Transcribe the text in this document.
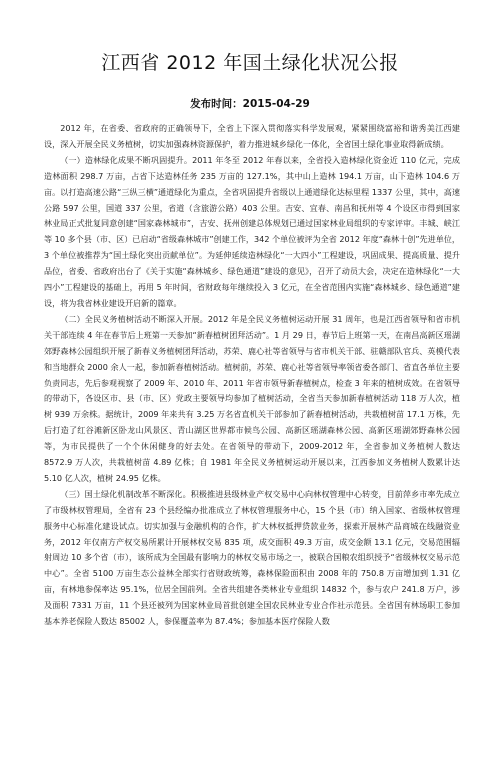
江西省 2012 年国土绿化状况公报
发布时间：2015-04-29

2012 年，在省委、省政府的正确领导下，全省上下深入贯彻落实科学发展观，紧紧围绕富裕和谐秀美江西建设，深入开展全民义务植树，切实加强森林资源保护，着力推进城乡绿化一体化，全省国土绿化事业取得新成绩。

（一）造林绿化成果不断巩固提升。2011 年冬至 2012 年春以来，全省投入造林绿化资金近 110 亿元，完成造林面积 298.7 万亩，占省下达造林任务 235 万亩的 127.1%，其中山上造林 194.1 万亩，山下造林 104.6 万亩。以打造高速公路“三纵三横”通道绿化为重点，全省巩固提升省级以上通道绿化达标里程 1337 公里，其中，高速公路 597 公里，国道 337 公里，省道（含旅游公路）403 公里。吉安、宜春、南昌和抚州等 4 个设区市得到国家林业局正式批复同意创建“国家森林城市”，吉安、抚州创建总体规划已通过国家林业局组织的专家评审。丰城、峡江等 10 多个县（市、区）已启动“省级森林城市”创建工作，342 个单位被评为全省 2012 年度“森林十创”先进单位，3 个单位被推荐为“国土绿化突出贡献单位”。为延伸延续造林绿化“一大四小”工程建设，巩固成果、提高质量、提升品位，省委、省政府出台了《关于实施“森林城乡、绿色通道”建设的意见》，召开了动员大会，决定在造林绿化“一大四小”工程建设的基础上，再用 5 年时间，省财政每年继续投入 3 亿元，在全省范围内实施“森林城乡、绿色通道”建设，将为我省林业建设开启新的篇章。

（二）全民义务植树活动不断深入开展。2012 年是全民义务植树运动开展 31 周年，也是江西省领导和省市机关干部连续 4 年在春节后上班第一天参加“新春植树团拜活动”。1 月 29 日，春节后上班第一天，在南昌高新区瑶湖郊野森林公园组织开展了新春义务植树团拜活动，苏荣、鹿心社等省领导与省市机关干部、驻赣部队官兵、英模代表和当地群众 2000 余人一起，参加新春植树活动。植树前，苏荣、鹿心社等省领导率领省委各部门、省直各单位主要负责同志，先后参观视察了 2009 年、2010 年、2011 年省市领导新春植树点，检查 3 年来的植树成效。在省领导的带动下，各设区市、县（市、区）党政主要领导均参加了植树活动，全省当天参加新春植树活动 118 万人次，植树 939 万余株。据统计，2009 年来共有 3.25 万名省直机关干部参加了新春植树活动，共栽植树苗 17.1 万株，先后打造了红谷滩新区卧龙山风景区、青山湖区世界都市候鸟公园、高新区瑶湖森林公园、高新区瑶湖郊野森林公园等，为市民提供了一个个休闲健身的好去处。在省领导的带动下，2009-2012 年，全省参加义务植树人数达 8572.9 万人次，共栽植树苗 4.89 亿株；自 1981 年全民义务植树运动开展以来，江西参加义务植树人数累计达 5.10 亿人次，植树 24.95 亿株。

（三）国土绿化机制改革不断深化。积极推进县级林业产权交易中心向林权管理中心转变，目前萍乡市率先成立了市级林权管理局，全省有 23 个县经编办批准成立了林权管理服务中心，15 个县（市）纳入国家、省级林权管理服务中心标准化建设试点。切实加强与金融机构的合作，扩大林权抵押贷款业务，探索开展林产品商城在线融资业务，2012 年仅南方产权交易所累计开展林权交易 835 项，成交面积 49.3 万亩，成交金额 13.1 亿元，交易范围辐射周边 10 多个省（市），该所成为全国最有影响力的林权交易市场之一，被联合国粮农组织授予“省级林权交易示范中心”。全省 5100 万亩生态公益林全部实行省财政统筹，森林保险面积由 2008 年的 750.8 万亩增加到 1.31 亿亩，有林地参保率达 95.1%，位居全国前列。全省共组建各类林业专业组织 14832 个，参与农户 241.8 万户，涉及面积 7331 万亩，11 个县还被列为国家林业局首批创建全国农民林业专业合作社示范县。全省国有林场职工参加基本养老保险人数达 85002 人，参保覆盖率为 87.4%；参加基本医疗保险人数
